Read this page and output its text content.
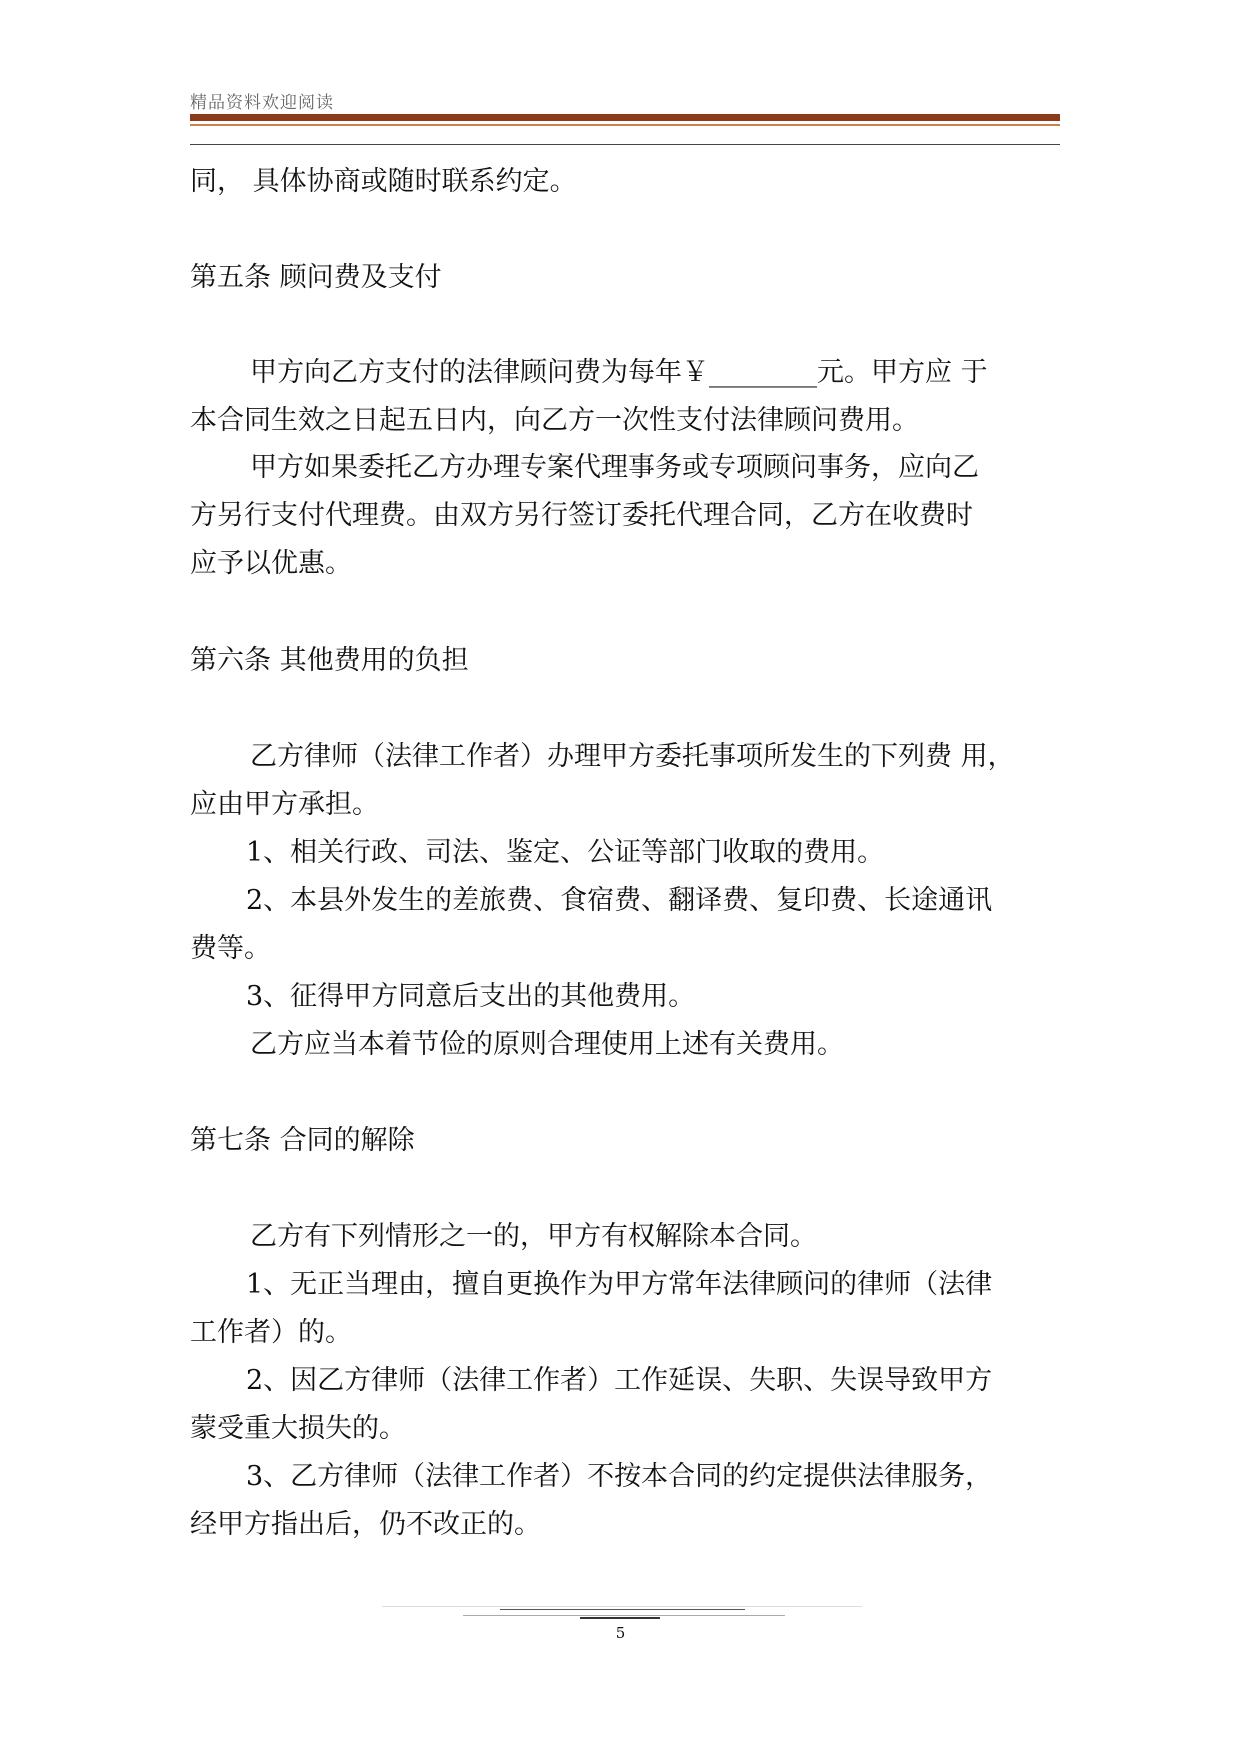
精品资料欢迎阅读
同， 具体协商或随时联系约定。
第五条 顾问费及支付
甲方向乙方支付的法律顾问费为每年￥________元。甲方应 于
本合同生效之日起五日内，向乙方一次性支付法律顾问费用。
甲方如果委托乙方办理专案代理事务或专项顾问事务，应向乙
方另行支付代理费。由双方另行签订委托代理合同，乙方在收费时
应予以优惠。
第六条 其他费用的负担
乙方律师（法律工作者）办理甲方委托事项所发生的下列费 用，
应由甲方承担。
1、相关行政、司法、鉴定、公证等部门收取的费用。
2、本县外发生的差旅费、食宿费、翻译费、复印费、长途通讯
费等。
3、征得甲方同意后支出的其他费用。
乙方应当本着节俭的原则合理使用上述有关费用。
第七条 合同的解除
乙方有下列情形之一的，甲方有权解除本合同。
1、无正当理由，擅自更换作为甲方常年法律顾问的律师（法律
工作者）的。
2、因乙方律师（法律工作者）工作延误、失职、失误导致甲方
蒙受重大损失的。
3、乙方律师（法律工作者）不按本合同的约定提供法律服务，
经甲方指出后，仍不改正的。
5
